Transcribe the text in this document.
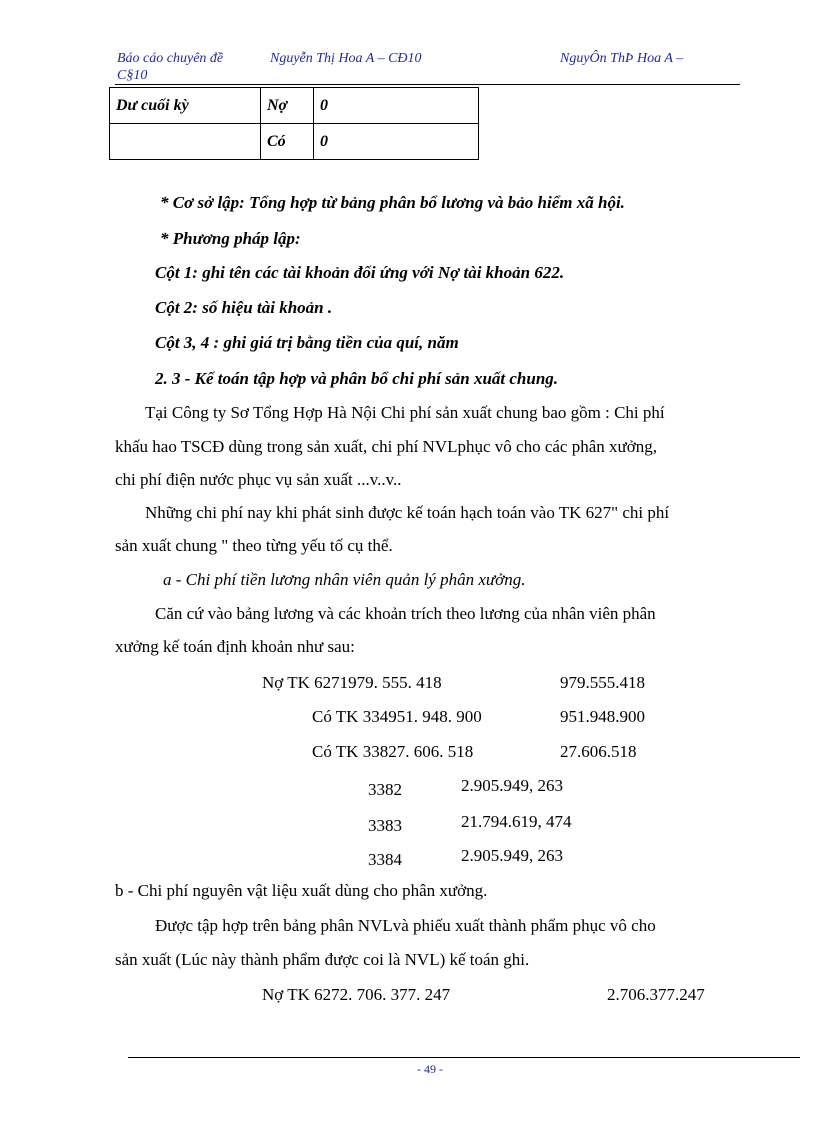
Báo cáo chuyên đề
C§10
Nguyễn Thị Hoa A – CĐ10	NguyÔn ThÞ Hoa A –
Dư cuối kỳ	Nợ	0
	Có	0
* Cơ sở lập: Tổng hợp từ bảng phân bổ lương và bảo hiểm xã hội.
* Phương pháp lập:
Cột 1: ghi tên các tài khoản đối ứng với Nợ tài khoản 622.
Cột 2: số hiệu tài khoản .
Cột 3, 4 : ghi giá trị bằng tiền của quí, năm
2. 3 - Kế toán tập hợp và phân bổ chi phí sản xuất chung.
Tại Công ty Sơ Tổng Hợp Hà Nội Chi phí sản xuất chung bao gồm : Chi phí
khấu hao TSCĐ dùng trong sản xuất, chi phí NVLphục vô cho các phân xưởng,
chi phí điện nước phục vụ sản xuất ...v..v..
Những chi phí nay khi phát sinh được kế toán hạch toán vào TK 627" chi phí
sản xuất chung " theo từng yếu tố cụ thể.
a - Chi phí tiền lương nhân viên quản lý phân xưởng.
Căn cứ vào bảng lương và các khoản trích theo lương của nhân viên phân
xưởng kế toán định khoản như sau:
Nợ TK 6271979. 555. 418	979.555.418
Có TK 334951. 948. 900	951.948.900
Có TK 33827. 606. 518	27.606.518
3382	2.905.949, 263
3383	21.794.619, 474
3384	2.905.949, 263
b - Chi phí nguyên vật liệu xuất dùng cho phân xưởng.
Được tập hợp trên bảng phân NVLvà phiếu xuất thành phẩm phục vô cho
sản xuất (Lúc này thành phẩm được coi là NVL) kế toán ghi.
Nợ TK 6272. 706. 377. 247	2.706.377.247
- 49 -
